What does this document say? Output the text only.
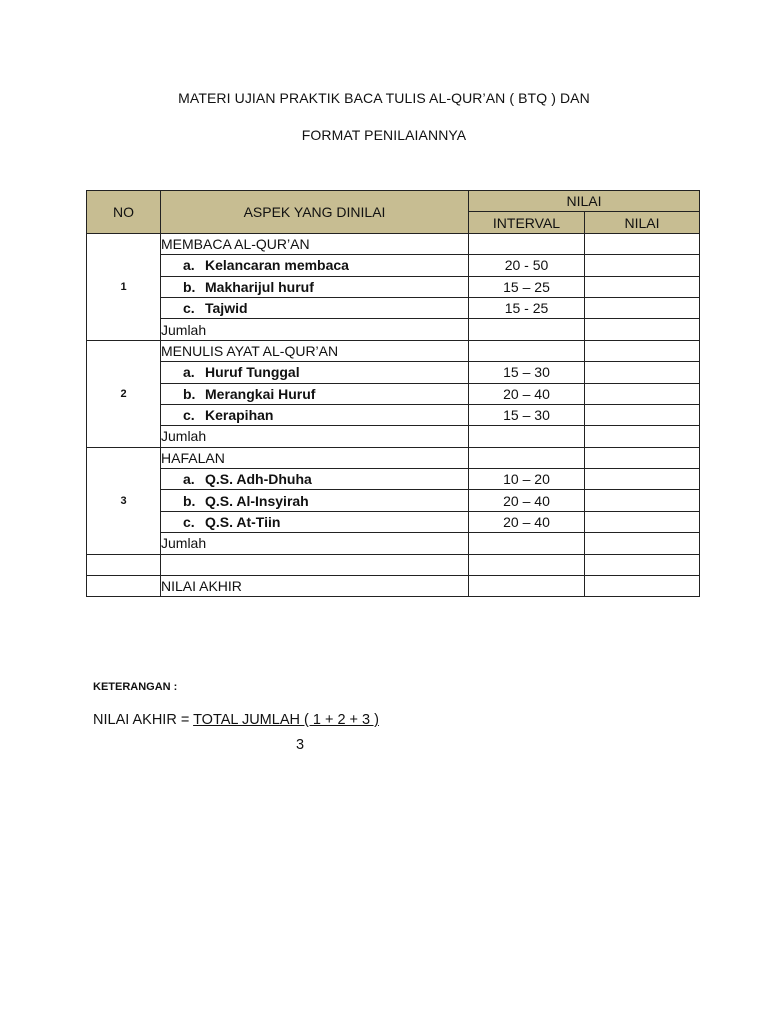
MATERI UJIAN PRAKTIK BACA TULIS AL-QUR’AN ( BTQ ) DAN
FORMAT PENILAIANNYA
NO	ASPEK YANG DINILAI	NILAI	
		INTERVAL	NILAI
1	MEMBACA AL-QUR’AN		
	a. Kelancaran membaca	20 - 50	
	b. Makharijul huruf	15 – 25	
	c. Tajwid	15 - 25	
	Jumlah		
2	MENULIS AYAT AL-QUR’AN		
	a. Huruf Tunggal	15 – 30	
	b. Merangkai Huruf	20 – 40	
	c. Kerapihan	15 – 30	
	Jumlah		
3	HAFALAN		
	a. Q.S. Adh-Dhuha	10 – 20	
	b. Q.S. Al-Insyirah	20 – 40	
	c. Q.S. At-Tiin	20 – 40	
	Jumlah		

	NILAI AKHIR		
KETERANGAN :
NILAI AKHIR = TOTAL JUMLAH ( 1 + 2 + 3 )
3
